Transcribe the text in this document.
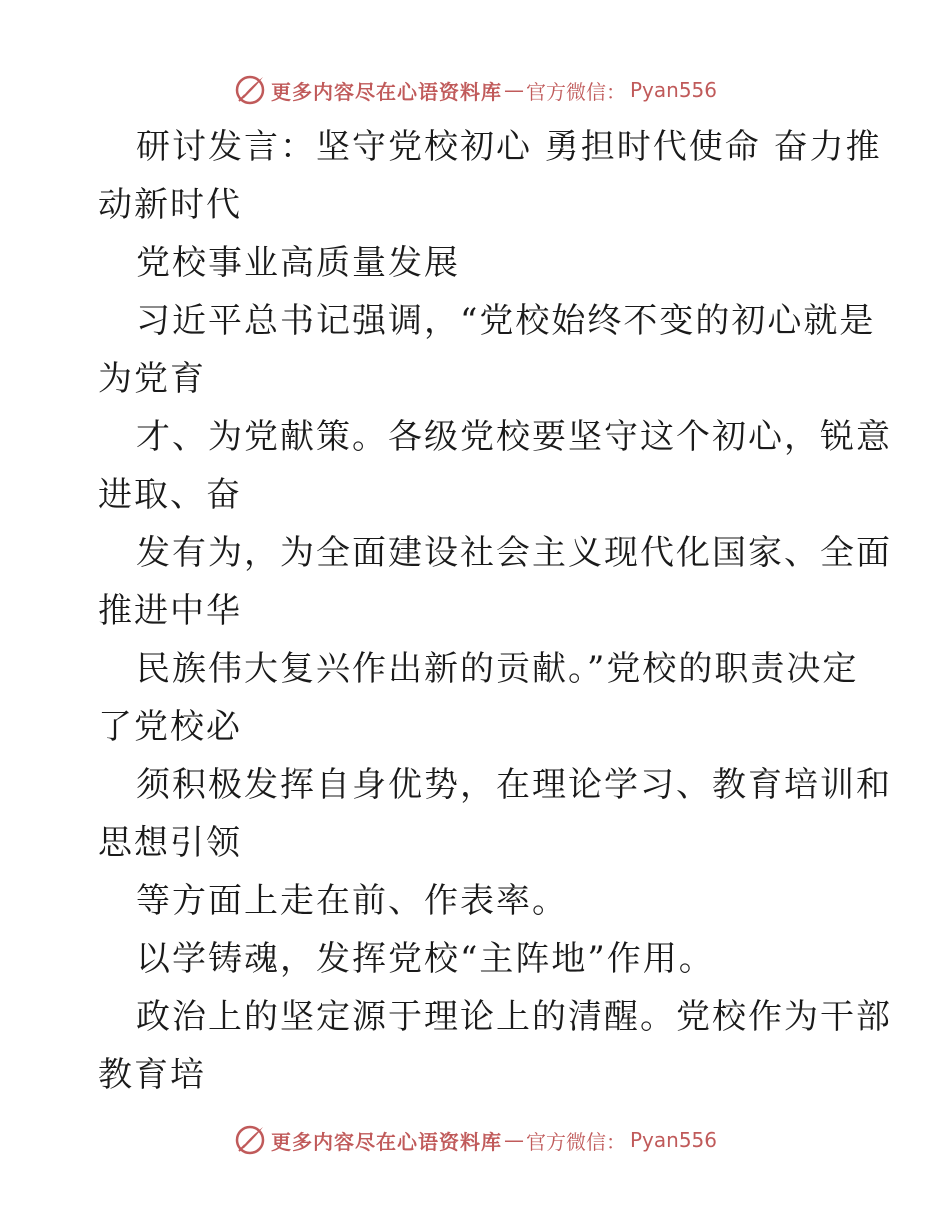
更多内容尽在心语资料库 — 官方微信： Pyan556
研讨发言：坚守党校初心 勇担时代使命 奋力推
动新时代
党校事业高质量发展
习近平总书记强调，“党校始终不变的初心就是
为党育
才、为党献策。各级党校要坚守这个初心，锐意
进取、奋
发有为，为全面建设社会主义现代化国家、全面
推进中华
民族伟大复兴作出新的贡献。”党校的职责决定
了党校必
须积极发挥自身优势，在理论学习、教育培训和
思想引领
等方面上走在前、作表率。
以学铸魂，发挥党校“主阵地”作用。
政治上的坚定源于理论上的清醒。党校作为干部
教育培
更多内容尽在心语资料库 — 官方微信： Pyan556
